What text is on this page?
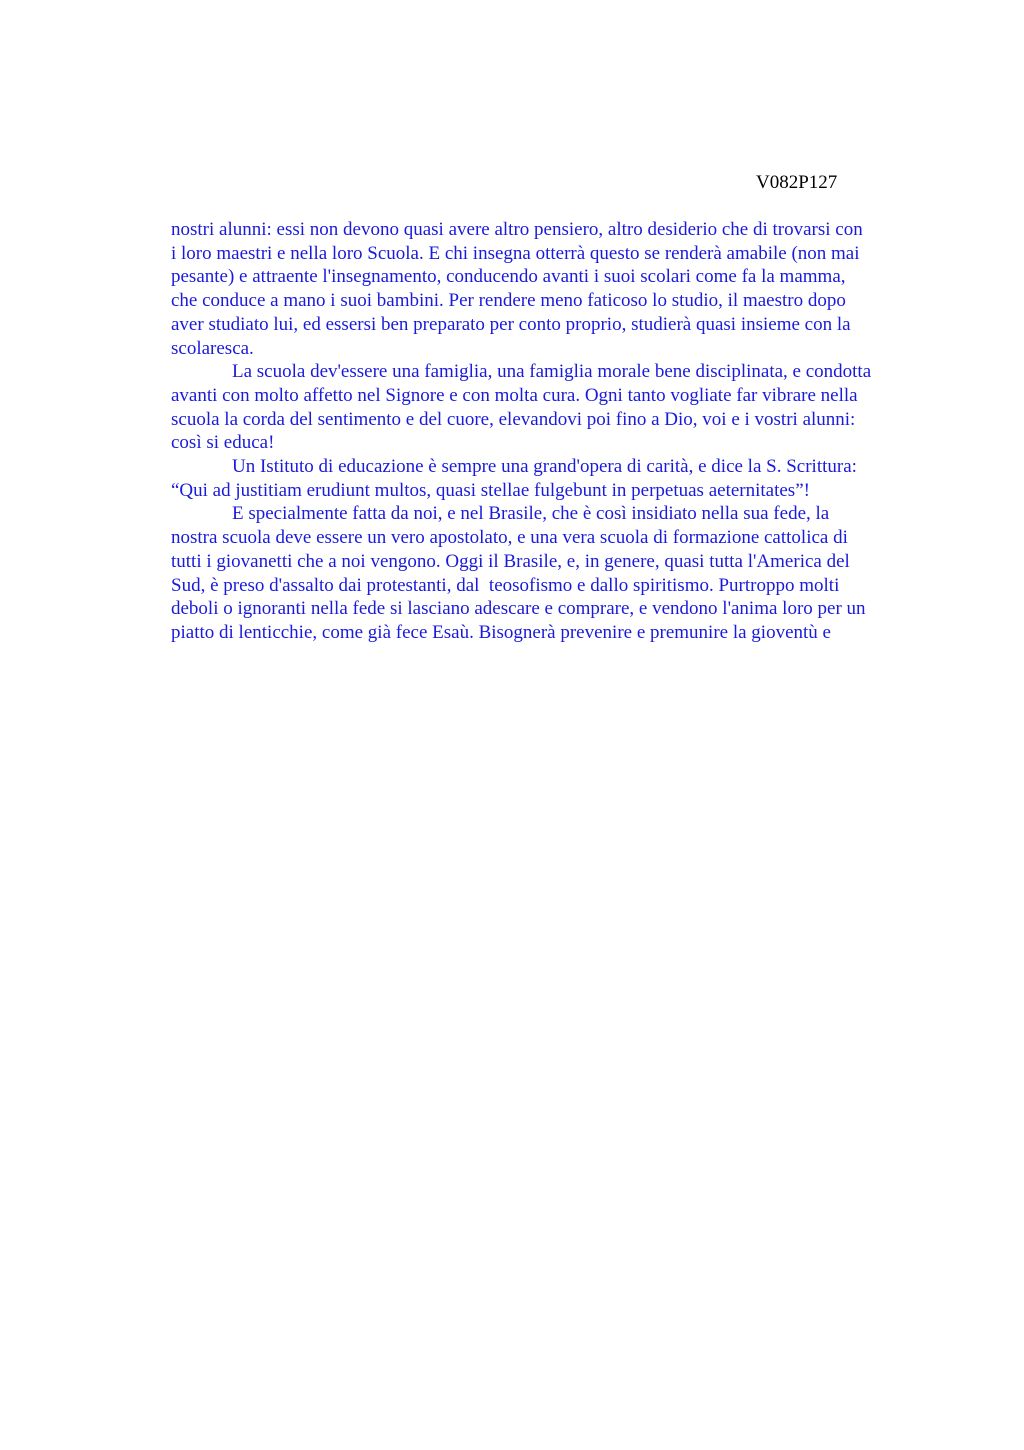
V082P127
nostri alunni: essi non devono quasi avere altro pensiero, altro desiderio che di trovarsi con
i loro maestri e nella loro Scuola. E chi insegna otterrà questo se renderà amabile (non mai
pesante) e attraente l'insegnamento, conducendo avanti i suoi scolari come fa la mamma,
che conduce a mano i suoi bambini. Per rendere meno faticoso lo studio, il maestro dopo
aver studiato lui, ed essersi ben preparato per conto proprio, studierà quasi insieme con la
scolaresca.
La scuola dev'essere una famiglia, una famiglia morale bene disciplinata, e condotta
avanti con molto affetto nel Signore e con molta cura. Ogni tanto vogliate far vibrare nella
scuola la corda del sentimento e del cuore, elevandovi poi fino a Dio, voi e i vostri alunni:
così si educa!
Un Istituto di educazione è sempre una grand'opera di carità, e dice la S. Scrittura:
“Qui ad justitiam erudiunt multos, quasi stellae fulgebunt in perpetuas aeternitates”!
E specialmente fatta da noi, e nel Brasile, che è così insidiato nella sua fede, la
nostra scuola deve essere un vero apostolato, e una vera scuola di formazione cattolica di
tutti i giovanetti che a noi vengono. Oggi il Brasile, e, in genere, quasi tutta l'America del
Sud, è preso d'assalto dai protestanti, dal  teosofismo e dallo spiritismo. Purtroppo molti
deboli o ignoranti nella fede si lasciano adescare e comprare, e vendono l'anima loro per un
piatto di lenticchie, come già fece Esaù. Bisognerà prevenire e premunire la gioventù e
